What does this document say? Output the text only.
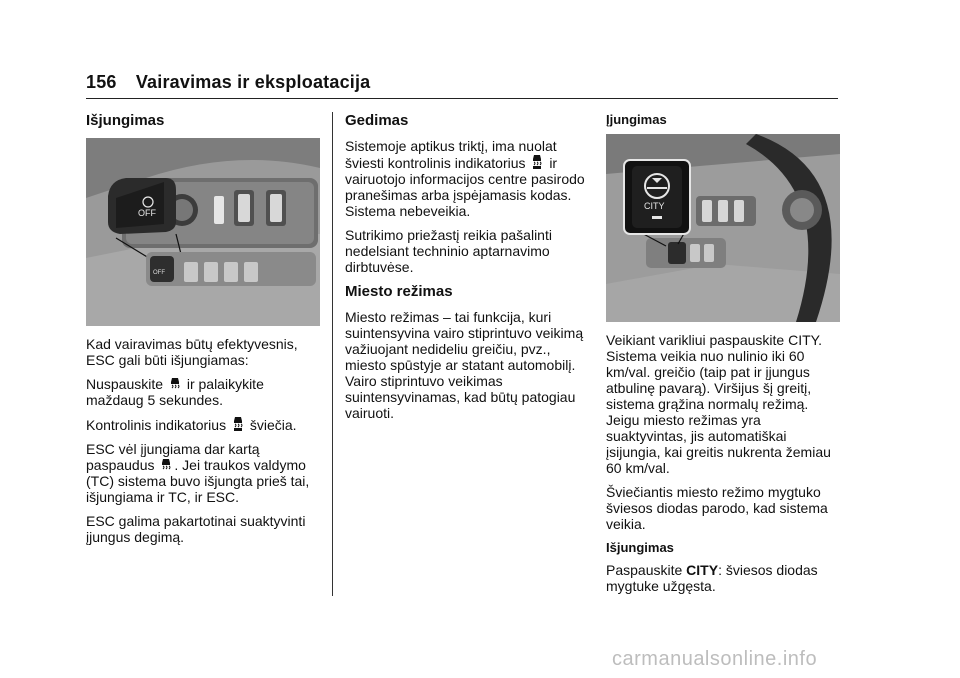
156 Vairavimas ir eksploatacija
Išjungimas
OFF
OFF

Kad vairavimas būtų efektyvesnis, ESC gali būti išjungiamas:

Nuspauskite ir palaikykite maždaug 5 sekundes.

Kontrolinis indikatorius šviečia.

ESC vėl įjungiama dar kartą
paspaudus . Jei traukos valdymo (TC) sistema buvo išjungta prieš tai, išjungiama ir TC, ir ESC.

ESC galima pakartotinai suaktyvinti įjungus degimą.

Gedimas

Sistemoje aptikus triktį, ima nuolat
šviesti kontrolinis indikatorius ir
vairuotojo informacijos centre pasirodo pranešimas arba įspėjamasis kodas. Sistema nebeveikia.

Sutrikimo priežastį reikia pašalinti nedelsiant techninio aptarnavimo dirbtuvėse.

Miesto režimas

Miesto režimas – tai funkcija, kuri suintensyvina vairo stiprintuvo veikimą važiuojant nedideliu greičiu, pvz., miesto spūstyje ar statant automobilį. Vairo stiprintuvo veikimas suintensyvinamas, kad būtų patogiau vairuoti.

Įjungimas
CITY

Veikiant varikliui paspauskite CITY. Sistema veikia nuo nulinio iki 60 km/val. greičio (taip pat ir įjungus atbulinę pavarą). Viršijus šį greitį, sistema grąžina normalų režimą. Jeigu miesto režimas yra suaktyvintas, jis automatiškai įsijungia, kai greitis nukrenta žemiau 60 km/val.

Šviečiantis miesto režimo mygtuko šviesos diodas parodo, kad sistema veikia.

Išjungimas

Paspauskite CITY: šviesos diodas mygtuke užgęsta.

carmanualsonline.info
